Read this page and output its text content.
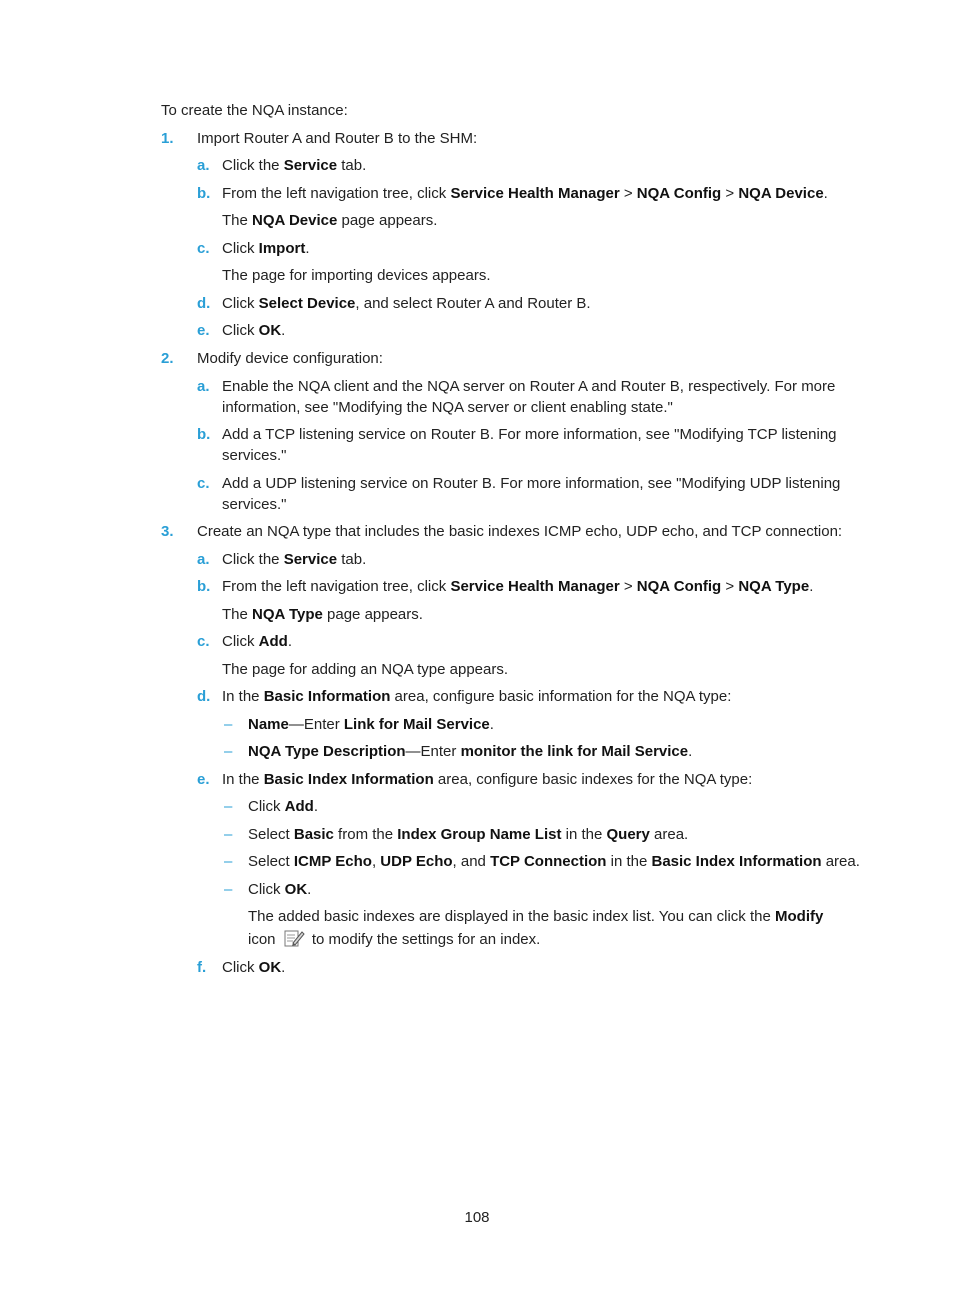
To create the NQA instance:
1. Import Router A and Router B to the SHM:
a. Click the Service tab.
b. From the left navigation tree, click Service Health Manager > NQA Config > NQA Device.
The NQA Device page appears.
c. Click Import.
The page for importing devices appears.
d. Click Select Device, and select Router A and Router B.
e. Click OK.
2. Modify device configuration:
a. Enable the NQA client and the NQA server on Router A and Router B, respectively. For more information, see "Modifying the NQA server or client enabling state."
b. Add a TCP listening service on Router B. For more information, see "Modifying TCP listening services."
c. Add a UDP listening service on Router B. For more information, see "Modifying UDP listening services."
3. Create an NQA type that includes the basic indexes ICMP echo, UDP echo, and TCP connection:
a. Click the Service tab.
b. From the left navigation tree, click Service Health Manager > NQA Config > NQA Type.
The NQA Type page appears.
c. Click Add.
The page for adding an NQA type appears.
d. In the Basic Information area, configure basic information for the NQA type:
– Name—Enter Link for Mail Service.
– NQA Type Description—Enter monitor the link for Mail Service.
e. In the Basic Index Information area, configure basic indexes for the NQA type:
– Click Add.
– Select Basic from the Index Group Name List in the Query area.
– Select ICMP Echo, UDP Echo, and TCP Connection in the Basic Index Information area.
– Click OK.
The added basic indexes are displayed in the basic index list. You can click the Modify
icon  to modify the settings for an index.
f. Click OK.
108
